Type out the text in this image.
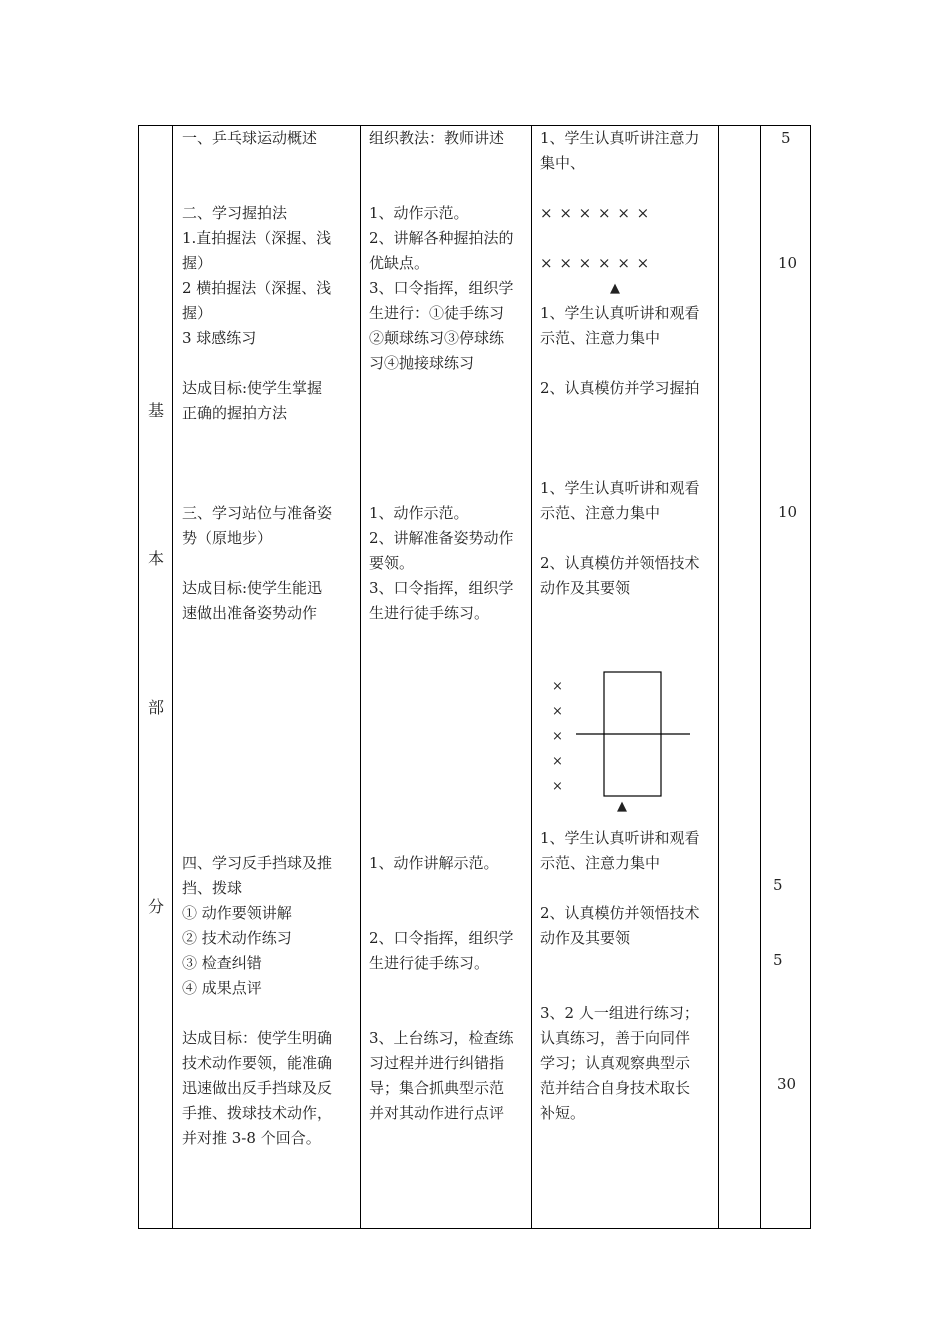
基
本
部
分
一、乒乓球运动概述
二、学习握拍法
1.直拍握法（深握、浅
握）
2 横拍握法（深握、浅
握）
3 球感练习
达成目标:使学生掌握
正确的握拍方法
三、学习站位与准备姿
势（原地步）
达成目标:使学生能迅
速做出准备姿势动作
四、学习反手挡球及推
挡、拨球
① 动作要领讲解
② 技术动作练习
③ 检查纠错
④ 成果点评
达成目标：使学生明确
技术动作要领，能准确
迅速做出反手挡球及反
手推、拨球技术动作，
并对推 3-8 个回合。
组织教法：教师讲述
1、动作示范。
2、讲解各种握拍法的
优缺点。
3、口令指挥，组织学
生进行：①徒手练习
②颠球练习③停球练
习④抛接球练习
1、动作示范。
2、讲解准备姿势动作
要领。
3、口令指挥，组织学
生进行徒手练习。
1、动作讲解示范。
2、口令指挥，组织学
生进行徒手练习。
3、上台练习，检查练
习过程并进行纠错指
导；集合抓典型示范
并对其动作进行点评
1、学生认真听讲注意力
集中、
× × × × × ×
× × × × × ×
▲
1、学生认真听讲和观看
示范、注意力集中
2、认真模仿并学习握拍
1、学生认真听讲和观看
示范、注意力集中
2、认真模仿并领悟技术
动作及其要领
1、学生认真听讲和观看
示范、注意力集中
2、认真模仿并领悟技术
动作及其要领
3、2 人一组进行练习；
认真练习，善于向同伴
学习；认真观察典型示
范并结合自身技术取长
补短。
×
×
×
×
×
▲
5
10
10
5
5
30
